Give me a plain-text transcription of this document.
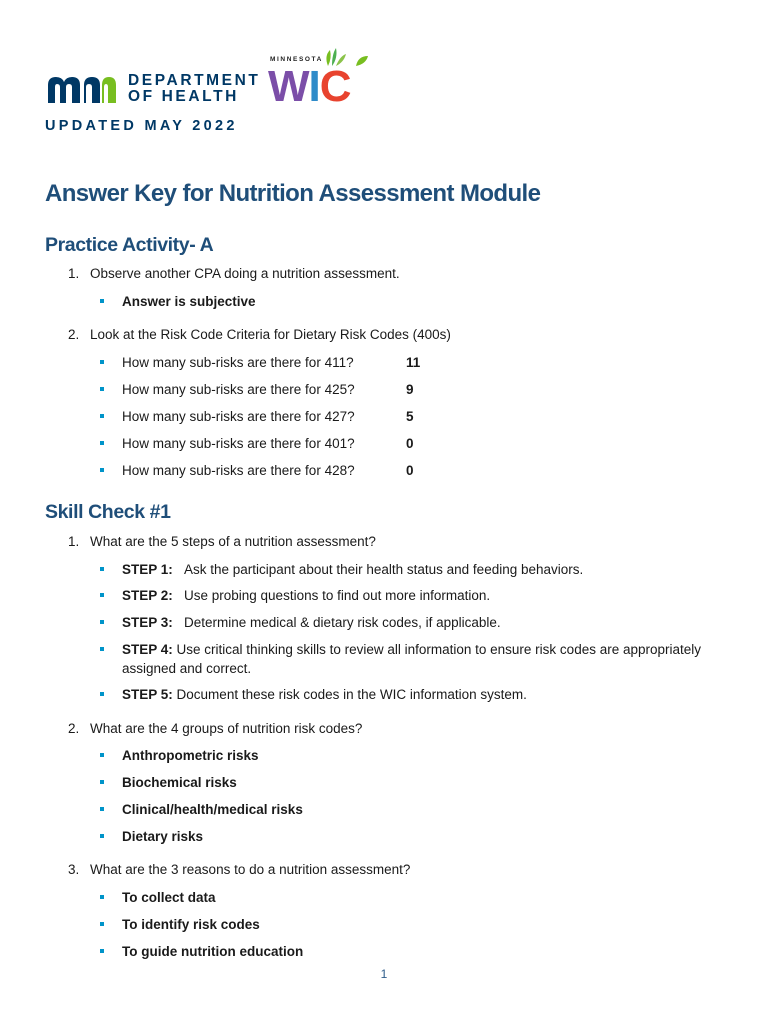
DEPARTMENT
OF HEALTH
MINNESOTA
WIC
UPDATED MAY 2022
Answer Key for Nutrition Assessment Module
Practice Activity- A
1. Observe another CPA doing a nutrition assessment.
Answer is subjective
2. Look at the Risk Code Criteria for Dietary Risk Codes (400s)
How many sub-risks are there for 411?	11
How many sub-risks are there for 425?	9
How many sub-risks are there for 427?	5
How many sub-risks are there for 401?	0
How many sub-risks are there for 428?	0
Skill Check #1
1. What are the 5 steps of a nutrition assessment?
STEP 1: Ask the participant about their health status and feeding behaviors.
STEP 2: Use probing questions to find out more information.
STEP 3: Determine medical & dietary risk codes, if applicable.
STEP 4: Use critical thinking skills to review all information to ensure risk codes are appropriately assigned and correct.
STEP 5: Document these risk codes in the WIC information system.
2. What are the 4 groups of nutrition risk codes?
Anthropometric risks
Biochemical risks
Clinical/health/medical risks
Dietary risks
3. What are the 3 reasons to do a nutrition assessment?
To collect data
To identify risk codes
To guide nutrition education
1
